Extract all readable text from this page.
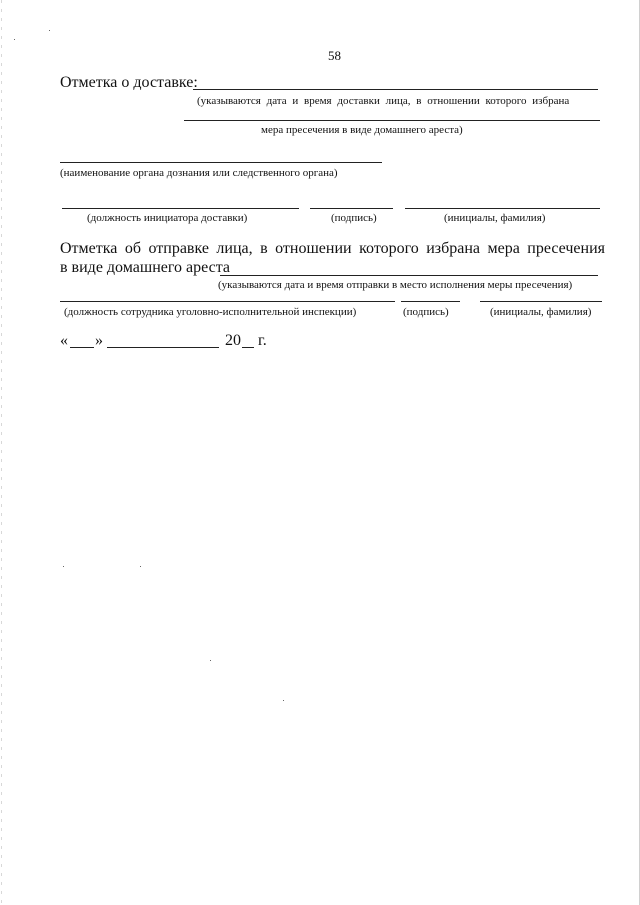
58
Отметка о доставке:
(указываются дата и время доставки лица, в отношении которого избрана
мера пресечения в виде домашнего ареста)
(наименование органа дознания или следственного органа)
(должность инициатора доставки)	(подпись)	(инициалы, фамилия)
Отметка об отправке лица, в отношении которого избрана мера пресечения
в виде домашнего ареста
(указываются дата и время отправки в место исполнения меры пресечения)
(должность сотрудника уголовно-исполнительной инспекции)	(подпись)	(инициалы, фамилия)
« »	20 г.
